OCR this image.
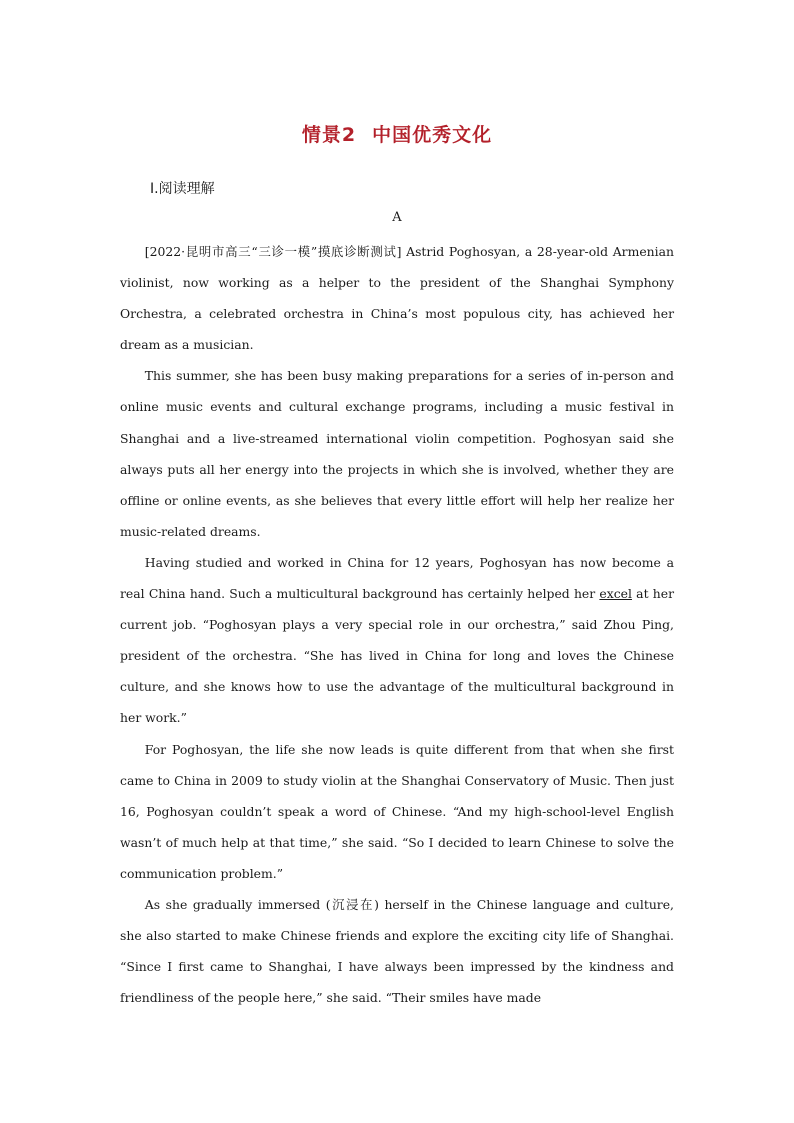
情景2 中国优秀文化
Ⅰ.阅读理解
A

[2022·昆明市高三“三诊一模”摸底诊断测试] Astrid Poghosyan, a 28-year-old Armenian violinist, now working as a helper to the president of the Shanghai Symphony Orchestra, a celebrated orchestra in China’s most populous city, has achieved her dream as a musician.

This summer, she has been busy making preparations for a series of in-person and online music events and cultural exchange programs, including a music festival in Shanghai and a live-streamed international violin competition. Poghosyan said she always puts all her energy into the projects in which she is involved, whether they are offline or online events, as she believes that every little effort will help her realize her music-related dreams.

Having studied and worked in China for 12 years, Poghosyan has now become a real China hand. Such a multicultural background has certainly helped her excel at her current job. “Poghosyan plays a very special role in our orchestra,” said Zhou Ping, president of the orchestra. “She has lived in China for long and loves the Chinese culture, and she knows how to use the advantage of the multicultural background in her work.”

For Poghosyan, the life she now leads is quite different from that when she first came to China in 2009 to study violin at the Shanghai Conservatory of Music. Then just 16, Poghosyan couldn’t speak a word of Chinese. “And my high-school-level English wasn’t of much help at that time,” she said. “So I decided to learn Chinese to solve the communication problem.”

As she gradually immersed (沉浸在) herself in the Chinese language and culture, she also started to make Chinese friends and explore the exciting city life of Shanghai. “Since I first came to Shanghai, I have always been impressed by the kindness and friendliness of the people here,” she said. “Their smiles have made
